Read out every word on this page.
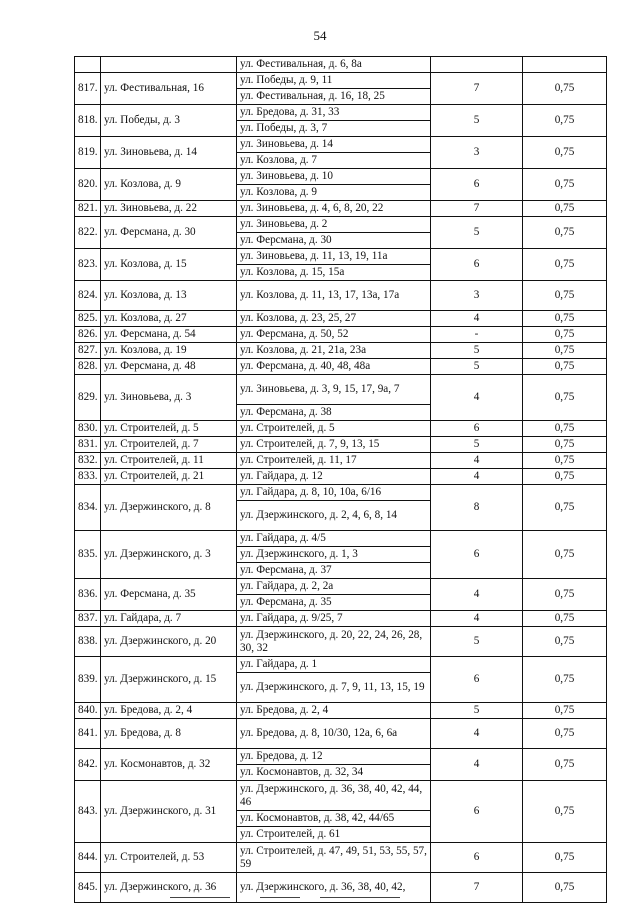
54
		ул. Фестивальная, д. 6, 8а		
817.	ул. Фестивальная, 16	ул. Победы, д. 9, 11	7	0,75
		ул. Фестивальная, д. 16, 18, 25		
818.	ул. Победы, д. 3	ул. Бредова, д. 31, 33	5	0,75
		ул. Победы, д. 3, 7		
819.	ул. Зиновьева, д. 14	ул. Зиновьева, д. 14	3	0,75
		ул. Козлова, д. 7		
820.	ул. Козлова, д. 9	ул. Зиновьева, д. 10	6	0,75
		ул. Козлова, д. 9		
821.	ул. Зиновьева, д. 22	ул. Зиновьева, д. 4, 6, 8, 20, 22	7	0,75
822.	ул. Ферсмана, д. 30	ул. Зиновьева, д. 2	5	0,75
		ул. Ферсмана, д. 30		
823.	ул. Козлова, д. 15	ул. Зиновьева, д. 11, 13, 19, 11а	6	0,75
		ул. Козлова, д. 15, 15а		
824.	ул. Козлова, д. 13	ул. Козлова, д. 11, 13, 17, 13а, 17а	3	0,75
825.	ул. Козлова, д. 27	ул. Козлова, д. 23, 25, 27	4	0,75
826.	ул. Ферсмана, д. 54	ул. Ферсмана, д. 50, 52	-	0,75
827.	ул. Козлова, д. 19	ул. Козлова, д. 21, 21а, 23а	5	0,75
828.	ул. Ферсмана, д. 48	ул. Ферсмана, д. 40, 48, 48а	5	0,75
829.	ул. Зиновьева, д. 3	ул. Зиновьева, д. 3, 9, 15, 17, 9а, 7	4	0,75
		ул. Ферсмана, д. 38		
830.	ул. Строителей, д. 5	ул. Строителей, д. 5	6	0,75
831.	ул. Строителей, д. 7	ул. Строителей, д. 7, 9, 13, 15	5	0,75
832.	ул. Строителей, д. 11	ул. Строителей, д. 11, 17	4	0,75
833.	ул. Строителей, д. 21	ул. Гайдара, д. 12	4	0,75
834.	ул. Дзержинского, д. 8	ул. Гайдара, д. 8, 10, 10а, 6/16	8	0,75
		ул. Дзержинского, д. 2, 4, 6, 8, 14		
835.	ул. Дзержинского, д. 3	ул. Гайдара, д. 4/5	6	0,75
		ул. Дзержинского, д. 1, 3		
		ул. Ферсмана, д. 37		
836.	ул. Ферсмана, д. 35	ул. Гайдара, д. 2, 2а	4	0,75
		ул. Ферсмана, д. 35		
837.	ул. Гайдара, д. 7	ул. Гайдара, д. 9/25, 7	4	0,75
838.	ул. Дзержинского, д. 20	ул. Дзержинского, д. 20, 22, 24, 26, 28, 30, 32	5	0,75
839.	ул. Дзержинского, д. 15	ул. Гайдара, д. 1	6	0,75
		ул. Дзержинского, д. 7, 9, 11, 13, 15, 19		
840.	ул. Бредова, д. 2, 4	ул. Бредова, д. 2, 4	5	0,75
841.	ул. Бредова, д. 8	ул. Бредова, д. 8, 10/30, 12а, 6, 6а	4	0,75
842.	ул. Космонавтов, д. 32	ул. Бредова, д. 12	4	0,75
		ул. Космонавтов, д. 32, 34		
843.	ул. Дзержинского, д. 31	ул. Дзержинского, д. 36, 38, 40, 42, 44, 46	6	0,75
		ул. Космонавтов, д. 38, 42, 44/65		
		ул. Строителей, д. 61		
844.	ул. Строителей, д. 53	ул. Строителей, д. 47, 49, 51, 53, 55, 57, 59	6	0,75
845.	ул. Дзержинского, д. 36	ул. Дзержинского, д. 36, 38, 40, 42,	7	0,75
